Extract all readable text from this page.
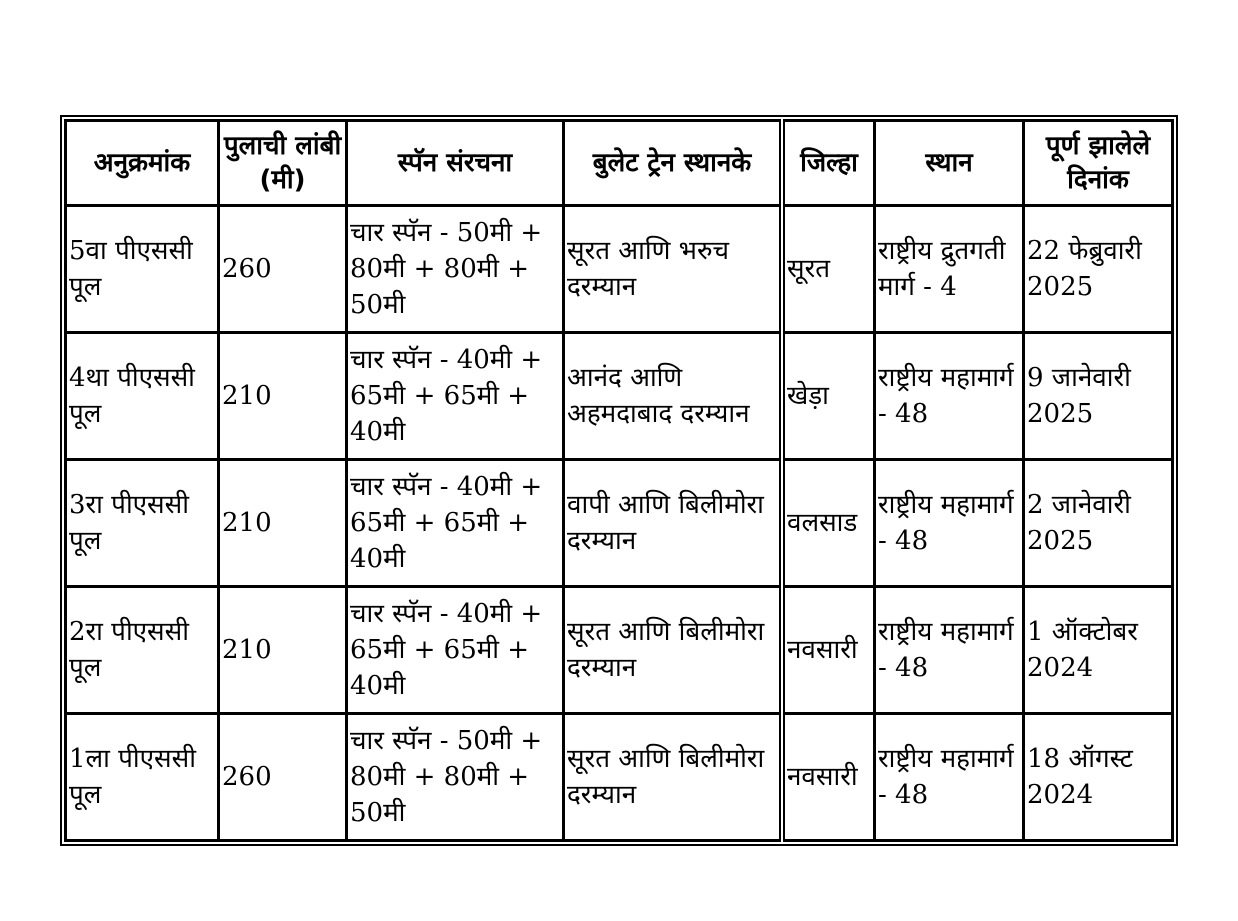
अनुक्रमांक	पुलाची लांबी (मी)	स्पॅन संरचना	बुलेट ट्रेन स्थानके	जिल्हा	स्थान	पूर्ण झालेले दिनांक
5वा पीएससी पूल	260	चार स्पॅन - 50मी + 80मी + 80मी + 50मी	सूरत आणि भरुच दरम्यान	सूरत	राष्ट्रीय द्रुतगती मार्ग - 4	22 फेब्रुवारी 2025
4था पीएससी पूल	210	चार स्पॅन - 40मी + 65मी + 65मी + 40मी	आनंद आणि अहमदाबाद दरम्यान	खेड़ा	राष्ट्रीय महामार्ग - 48	9 जानेवारी 2025
3रा पीएससी पूल	210	चार स्पॅन - 40मी + 65मी + 65मी + 40मी	वापी आणि बिलीमोरा दरम्यान	वलसाड	राष्ट्रीय महामार्ग - 48	2 जानेवारी 2025
2रा पीएससी पूल	210	चार स्पॅन - 40मी + 65मी + 65मी + 40मी	सूरत आणि बिलीमोरा दरम्यान	नवसारी	राष्ट्रीय महामार्ग - 48	1 ऑक्टोबर 2024
1ला पीएससी पूल	260	चार स्पॅन - 50मी + 80मी + 80मी + 50मी	सूरत आणि बिलीमोरा दरम्यान	नवसारी	राष्ट्रीय महामार्ग - 48	18 ऑगस्ट 2024
